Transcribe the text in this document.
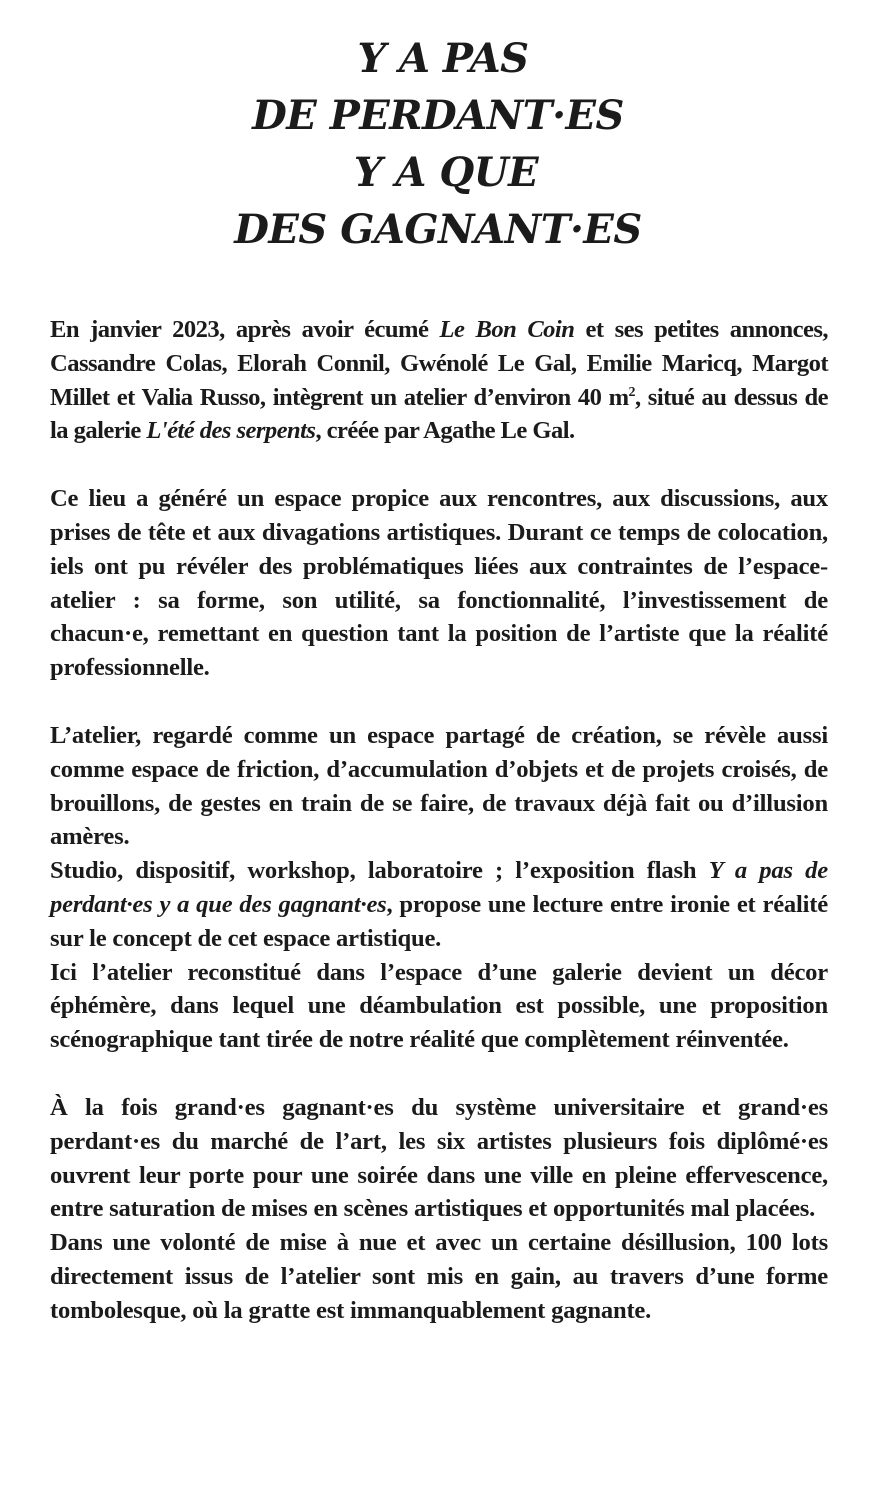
Y A PAS
DE PERDANT·ES
Y A QUE
DES GAGNANT·ES

En janvier 2023, après avoir écumé Le Bon Coin et ses petites annonces, Cassandre Colas, Elorah Connil, Gwénolé Le Gal, Emilie Maricq, Margot Millet et Valia Russo, intègrent un atelier d’environ 40 $m^2$, situé au dessus de la galerie L'été des serpents, créée par Agathe Le Gal.

Ce lieu a généré un espace propice aux rencontres, aux discussions, aux prises de tête et aux divagations artistiques. Durant ce temps de colocation, iels ont pu révéler des problématiques liées aux contraintes de l’espace-atelier : sa forme, son utilité, sa fonctionnalité, l’investissement de chacun·e, remettant en question tant la position de l’artiste que la réalité professionnelle.

L’atelier, regardé comme un espace partagé de création, se révèle aussi comme espace de friction, d’accumulation d’objets et de projets croisés, de brouillons, de gestes en train de se faire, de travaux déjà fait ou d’illusion amères.

Studio, dispositif, workshop, laboratoire ; l’exposition flash Y a pas de perdant·es y a que des gagnant·es, propose une lecture entre ironie et réalité sur le concept de cet espace artistique.

Ici l’atelier reconstitué dans l’espace d’une galerie devient un décor éphémère, dans lequel une déambulation est possible, une proposition scénographique tant tirée de notre réalité que complètement réinventée.

À la fois grand·es gagnant·es du système universitaire et grand·es perdant·es du marché de l’art, les six artistes plusieurs fois diplômé·es ouvrent leur porte pour une soirée dans une ville en pleine effervescence, entre saturation de mises en scènes artistiques et opportunités mal placées.

Dans une volonté de mise à nue et avec un certaine désillusion, 100 lots directement issus de l’atelier sont mis en gain, au travers d’une forme tombolesque, où la gratte est immanquablement gagnante.
